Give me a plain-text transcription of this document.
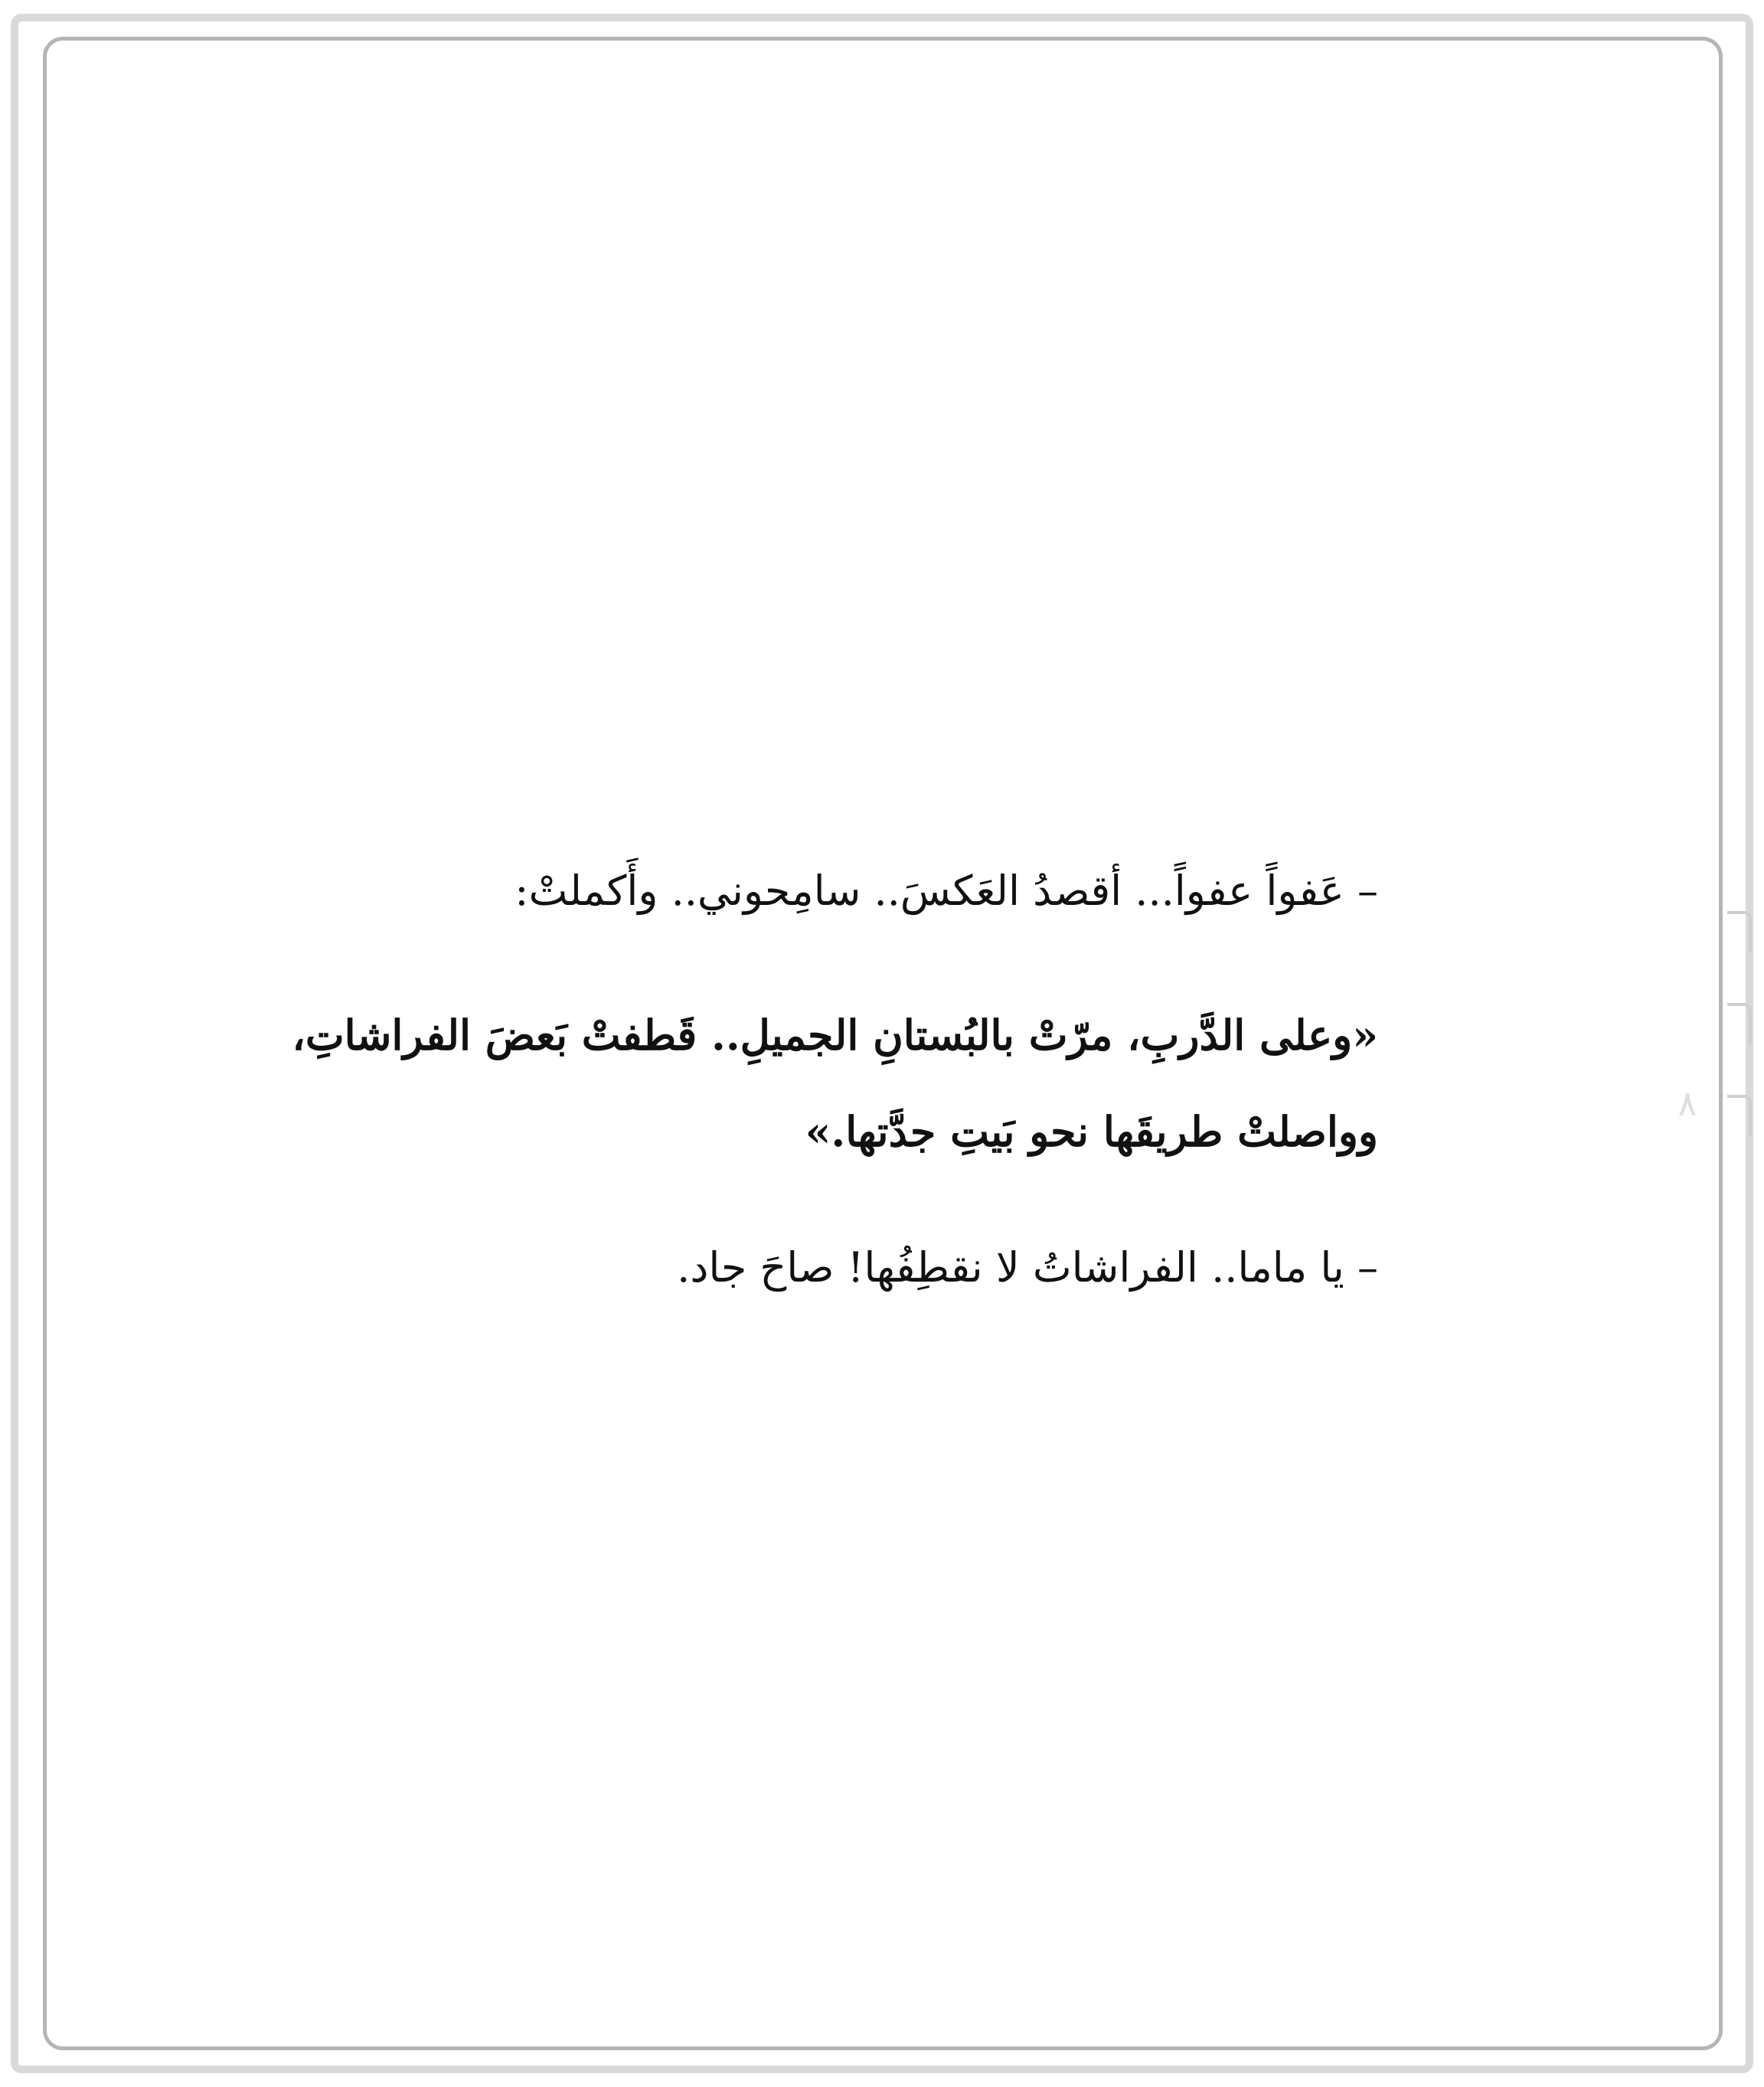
٨
– عَفواً عفواً... أقصدُ العَكسَ.. سامِحوني.. وأَكملتْ:
«وعلى الدَّربِ، مرّتْ بالبُستانِ الجميلِ.. قَطفتْ بَعضَ الفراشاتِ،
وواصلتْ طريقَها نحو بَيتِ جدَّتها.»
– يا ماما.. الفراشاتُ لا نقطِفُها! صاحَ جاد.
